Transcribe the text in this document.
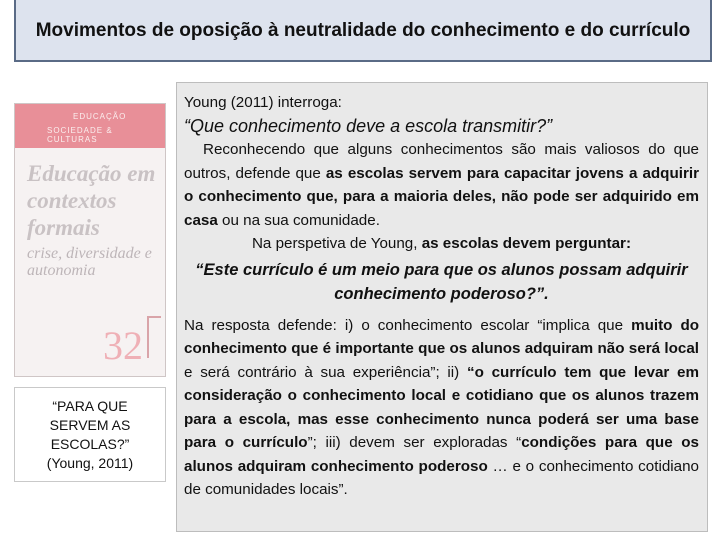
Movimentos de oposição à neutralidade do conhecimento e do currículo
EDUCAÇÃO
SOCIEDADE & CULTURAS
Educação em contextos formais
crise, diversidade e autonomia
32
“PARA QUE
SERVEM AS
ESCOLAS?”
(Young, 2011)

Young (2011) interroga:

“Que conhecimento deve a escola transmitir?”

Reconhecendo que alguns conhecimentos são mais valiosos do que outros, defende que as escolas servem para capacitar jovens a adquirir o conhecimento que, para a maioria deles, não pode ser adquirido em casa ou na sua comunidade.

Na perspetiva de Young, as escolas devem perguntar:

“Este currículo é um meio para que os alunos possam adquirir conhecimento poderoso?”.

Na resposta defende: i) o conhecimento escolar “implica que muito do conhecimento que é importante que os alunos adquiram não será local e será contrário à sua experiência”; ii) “o currículo tem que levar em consideração o conhecimento local e cotidiano que os alunos trazem para a escola, mas esse conhecimento nunca poderá ser uma base para o currículo”; iii) devem ser exploradas “condições para que os alunos adquiram conhecimento poderoso … e o conhecimento cotidiano de comunidades locais”.
